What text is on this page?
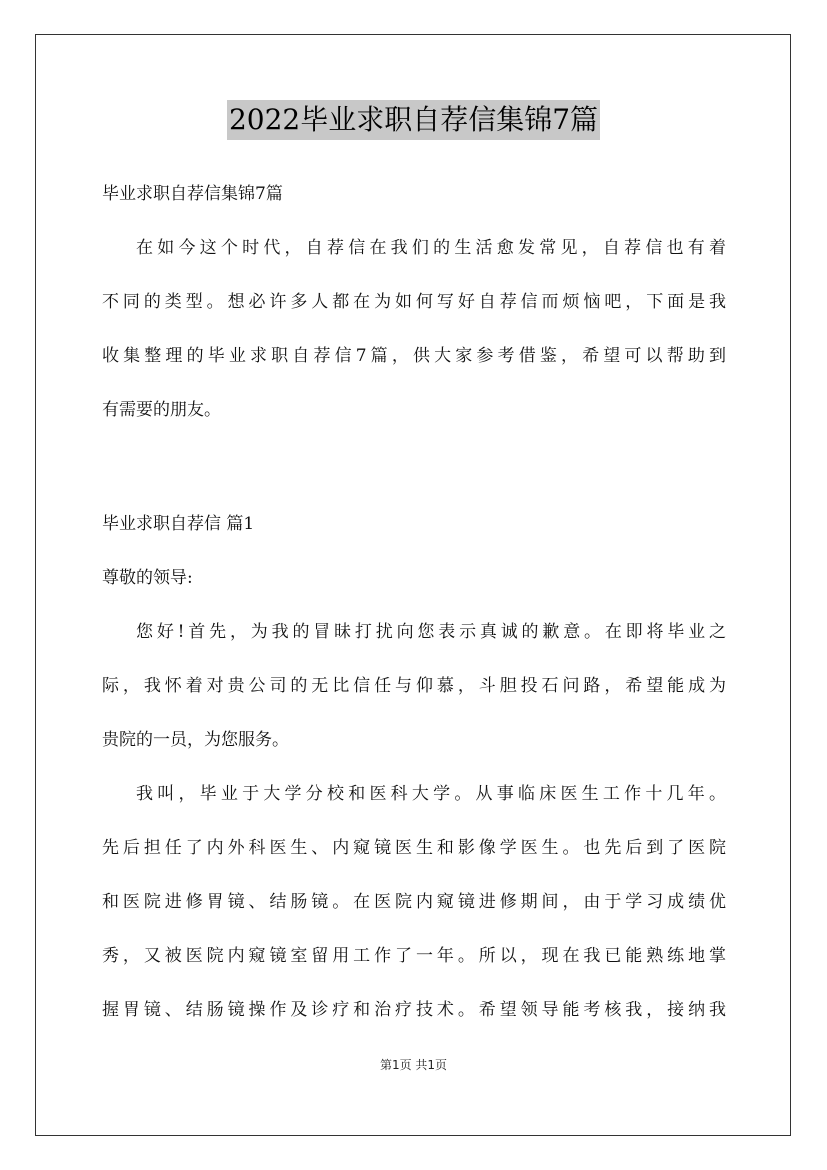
2022毕业求职自荐信集锦7篇
毕业求职自荐信集锦7篇
在如今这个时代，自荐信在我们的生活愈发常见，自荐信也有着
不同的类型。想必许多人都在为如何写好自荐信而烦恼吧，下面是我
收集整理的毕业求职自荐信7篇，供大家参考借鉴，希望可以帮助到
有需要的朋友。
毕业求职自荐信 篇1
尊敬的领导:
您好!首先，为我的冒昧打扰向您表示真诚的歉意。在即将毕业之
际，我怀着对贵公司的无比信任与仰慕，斗胆投石问路，希望能成为
贵院的一员，为您服务。
我叫，毕业于大学分校和医科大学。从事临床医生工作十几年。
先后担任了内外科医生、内窥镜医生和影像学医生。也先后到了医院
和医院进修胃镜、结肠镜。在医院内窥镜进修期间，由于学习成绩优
秀，又被医院内窥镜室留用工作了一年。所以，现在我已能熟练地掌
握胃镜、结肠镜操作及诊疗和治疗技术。希望领导能考核我，接纳我
第1页 共1页
